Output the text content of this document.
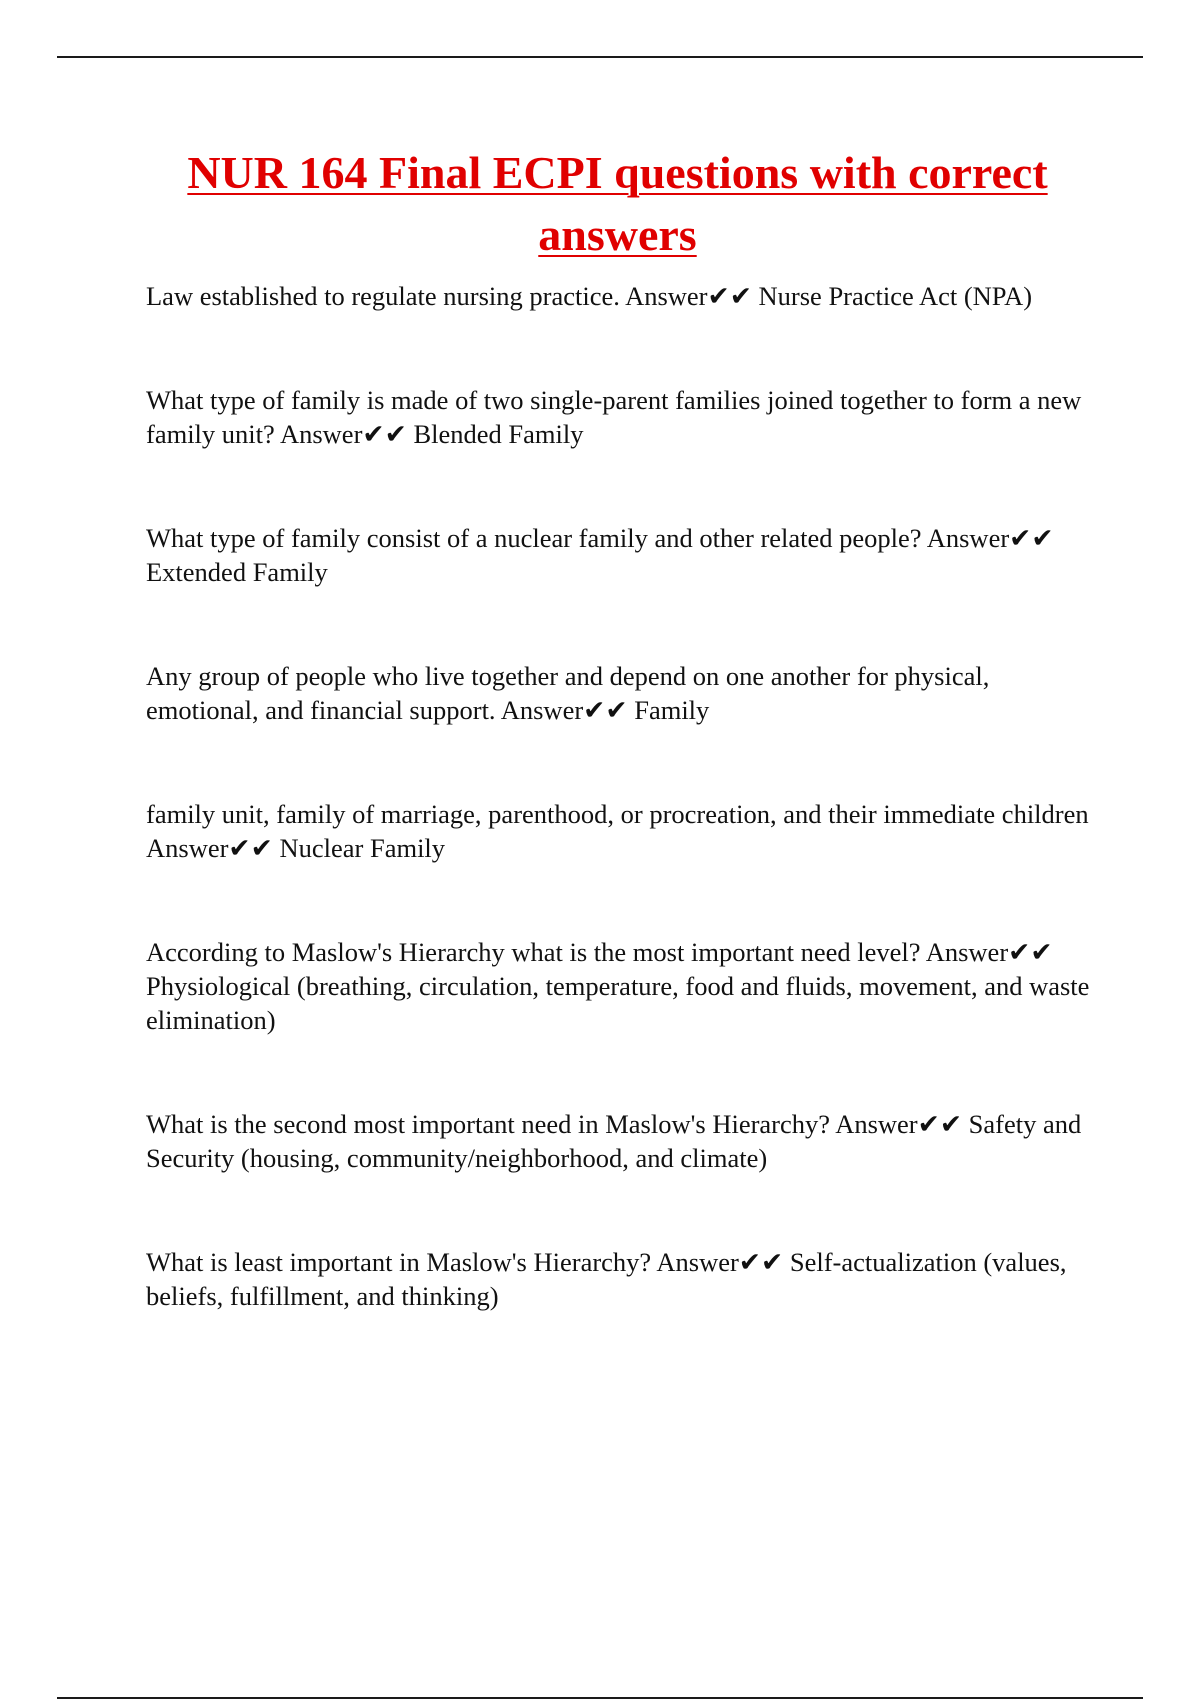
NUR 164 Final ECPI questions with correct answers

Law established to regulate nursing practice. Answer✔✔ Nurse Practice Act (NPA)

What type of family is made of two single-parent families joined together to form a new family unit? Answer✔✔ Blended Family

What type of family consist of a nuclear family and other related people? Answer✔✔ Extended Family

Any group of people who live together and depend on one another for physical, emotional, and financial support. Answer✔✔ Family

family unit, family of marriage, parenthood, or procreation, and their immediate children Answer✔✔ Nuclear Family

According to Maslow's Hierarchy what is the most important need level? Answer✔✔ Physiological (breathing, circulation, temperature, food and fluids, movement, and waste elimination)

What is the second most important need in Maslow's Hierarchy? Answer✔✔ Safety and Security (housing, community/neighborhood, and climate)

What is least important in Maslow's Hierarchy? Answer✔✔ Self-actualization (values, beliefs, fulfillment, and thinking)
